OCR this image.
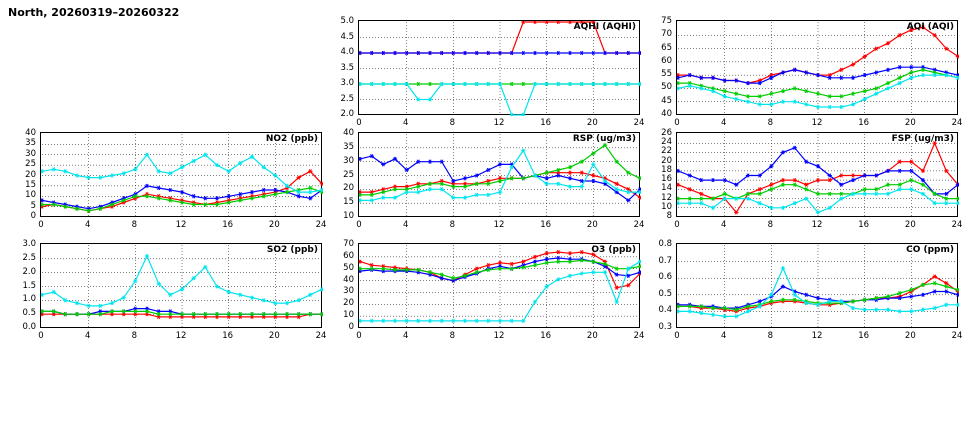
North, 20260319–20260322
AQHI (AQHI)
0	4	8	12	16	20	24
2.0
2.5
3.0
3.5
4.0
4.5
5.0
AQI (AQI)
0	4	8	12	16	20	24
40
45
50
55
60
65
70
75
NO2 (ppb)
0	4	8	12	16	20	24
0
5
10
15
20
25
30
35
40
RSP (ug/m3)
0	4	8	12	16	20	24
10
15
20
25
30
35
40
FSP (ug/m3)
0	4	8	12	16	20	24
8
10
12
14
16
18
20
22
24
26
SO2 (ppb)
0	4	8	12	16	20	24
0.0
0.5
1.0
1.5
2.0
2.5
3.0
O3 (ppb)
0	4	8	12	16	20	24
0
10
20
30
40
50
60
70
CO (ppm)
0	4	8	12	16	20	24
0.3
0.4
0.5
0.6
0.7
0.8
